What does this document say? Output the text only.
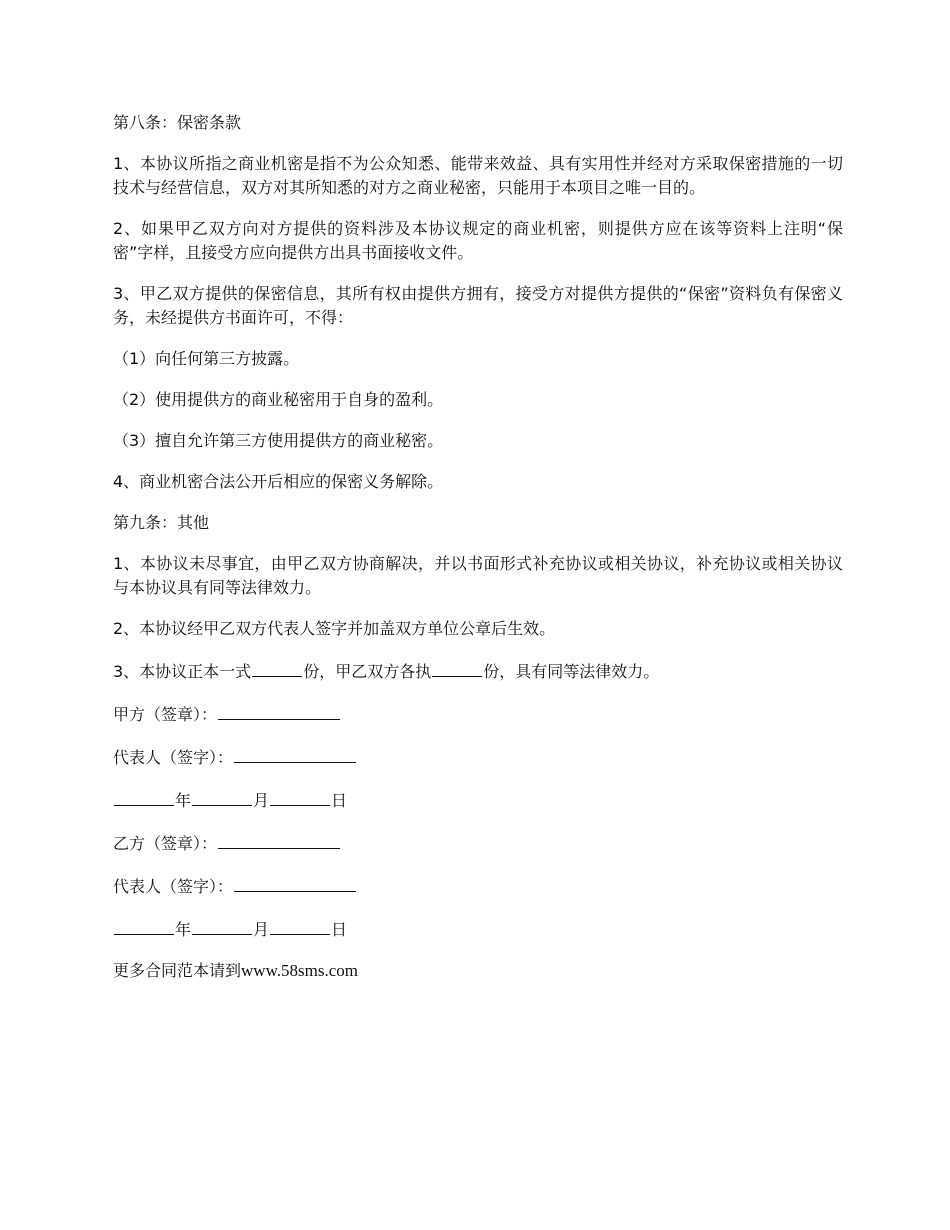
第八条：保密条款

1、本协议所指之商业机密是指不为公众知悉、能带来效益、具有实用性并经对方采取保密措施的一切技术与经营信息，双方对其所知悉的对方之商业秘密，只能用于本项目之唯一目的。

2、如果甲乙双方向对方提供的资料涉及本协议规定的商业机密，则提供方应在该等资料上注明“保密”字样，且接受方应向提供方出具书面接收文件。

3、甲乙双方提供的保密信息，其所有权由提供方拥有，接受方对提供方提供的“保密”资料负有保密义务，未经提供方书面许可，不得：

（1）向任何第三方披露。

（2）使用提供方的商业秘密用于自身的盈利。

（3）擅自允许第三方使用提供方的商业秘密。

4、商业机密合法公开后相应的保密义务解除。

第九条：其他

1、本协议未尽事宜，由甲乙双方协商解决，并以书面形式补充协议或相关协议，补充协议或相关协议与本协议具有同等法律效力。

2、本协议经甲乙双方代表人签字并加盖双方单位公章后生效。

3、本协议正本一式	份，甲乙双方各执	份，具有同等法律效力。

甲方（签章）：

代表人（签字）：

年	月	日

乙方（签章）：

代表人（签字）：

年	月	日

更多合同范本请到www.58sms.com
